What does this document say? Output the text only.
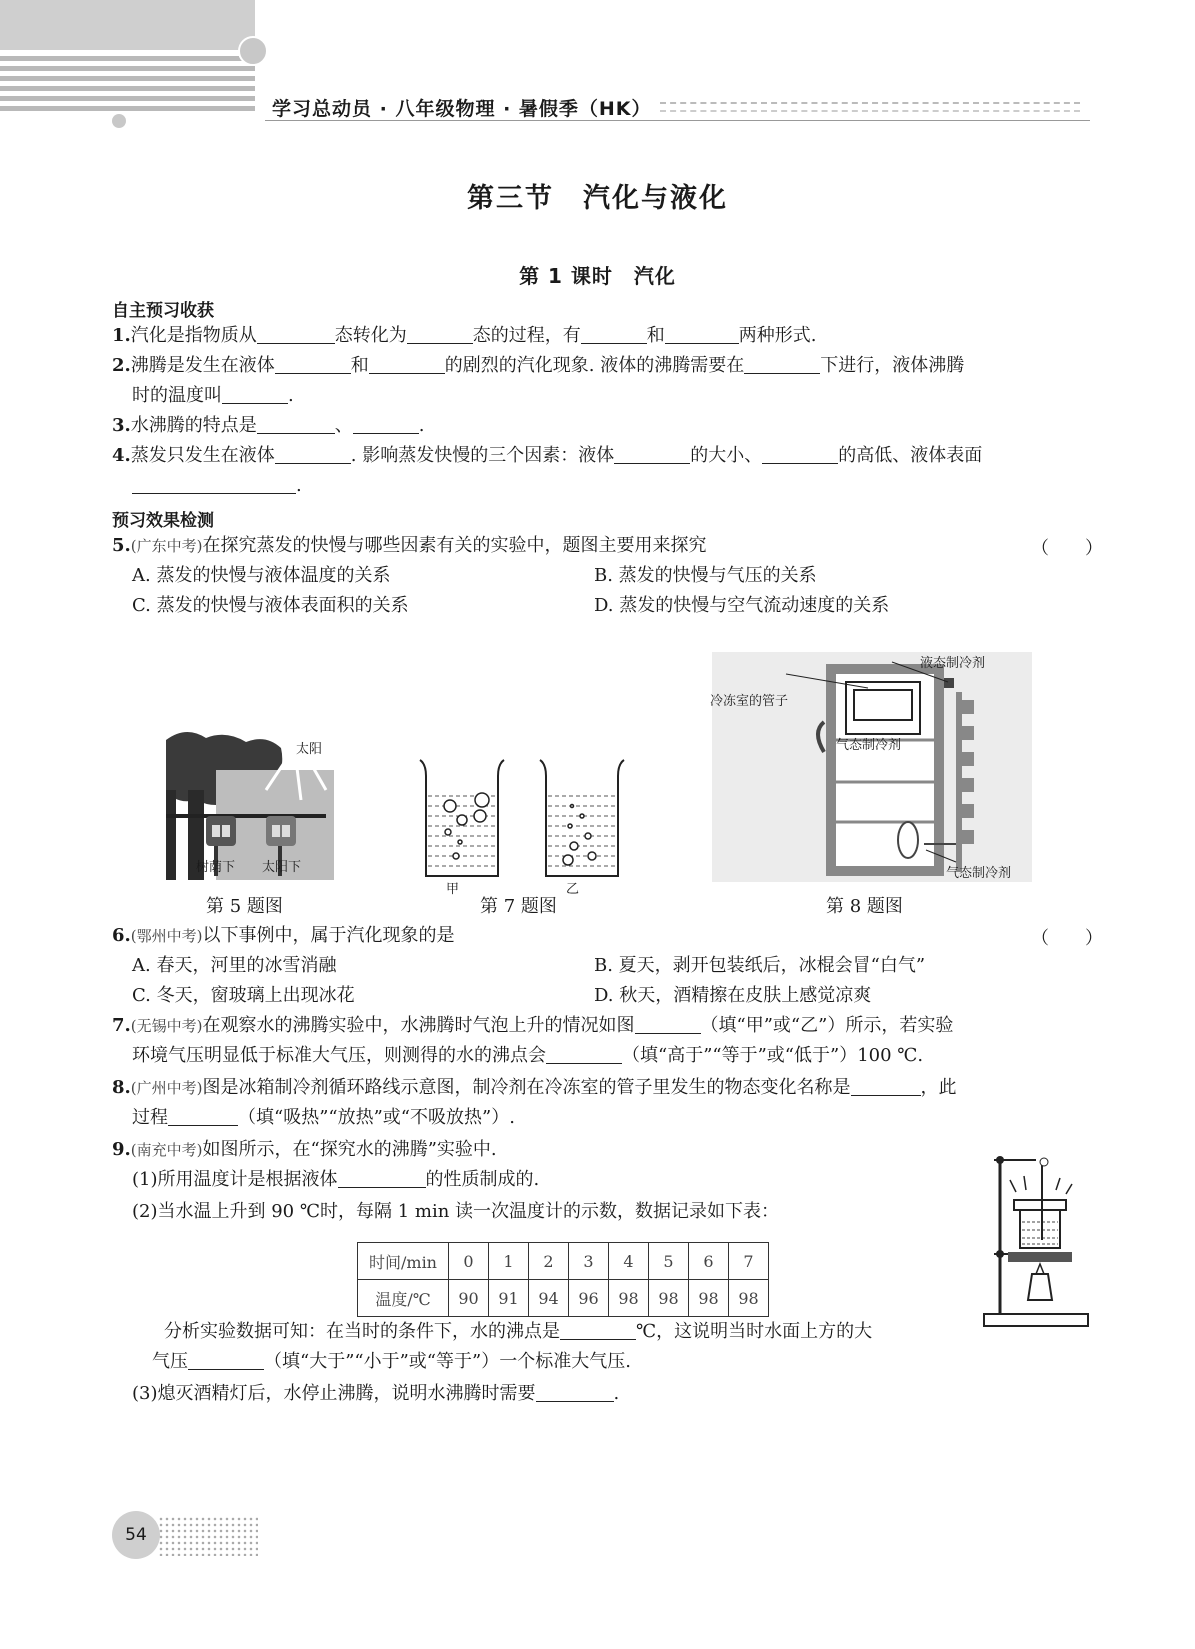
学习总动员 · 八年级物理 · 暑假季（HK）
第三节　汽化与液化
第 1 课时　汽化
自主预习收获
1.汽化是指物质从	态转化为	态的过程，有	和	两种形式.
2.沸腾是发生在液体	和	的剧烈的汽化现象. 液体的沸腾需要在	下进行，液体沸腾
时的温度叫	.
3.水沸腾的特点是	、	.
4.蒸发只发生在液体	. 影响蒸发快慢的三个因素：液体	的大小、	的高低、液体表面
.
预习效果检测
5.(广东中考)在探究蒸发的快慢与哪些因素有关的实验中，题图主要用来探究	（　　）
A. 蒸发的快慢与液体温度的关系	B. 蒸发的快慢与气压的关系
C. 蒸发的快慢与液体表面积的关系	D. 蒸发的快慢与空气流动速度的关系
太阳
树荫下 太阳下
第 5 题图
甲	乙
第 7 题图
液态制冷剂
冷冻室的管子
气态制冷剂
气态制冷剂
第 8 题图
6.(鄂州中考)以下事例中，属于汽化现象的是	（　　）
A. 春天，河里的冰雪消融	B. 夏天，剥开包装纸后，冰棍会冒“白气”
C. 冬天，窗玻璃上出现冰花	D. 秋天，酒精擦在皮肤上感觉凉爽
7.(无锡中考)在观察水的沸腾实验中，水沸腾时气泡上升的情况如图	（填“甲”或“乙”）所示，若实验
环境气压明显低于标准大气压，则测得的水的沸点会	（填“高于”“等于”或“低于”）100 ℃.
8.(广州中考)图是冰箱制冷剂循环路线示意图，制冷剂在冷冻室的管子里发生的物态变化名称是	，此
过程	（填“吸热”“放热”或“不吸放热”）.
9.(南充中考)如图所示，在“探究水的沸腾”实验中.
(1)所用温度计是根据液体	的性质制成的.
(2)当水温上升到 90 ℃时，每隔 1 min 读一次温度计的示数，数据记录如下表：
时间/min	0	1	2	3	4	5	6	7
温度/℃	90	91	94	96	98	98	98	98
分析实验数据可知：在当时的条件下，水的沸点是	℃，这说明当时水面上方的大
气压	（填“大于”“小于”或“等于”）一个标准大气压.
(3)熄灭酒精灯后，水停止沸腾，说明水沸腾时需要	.
54
